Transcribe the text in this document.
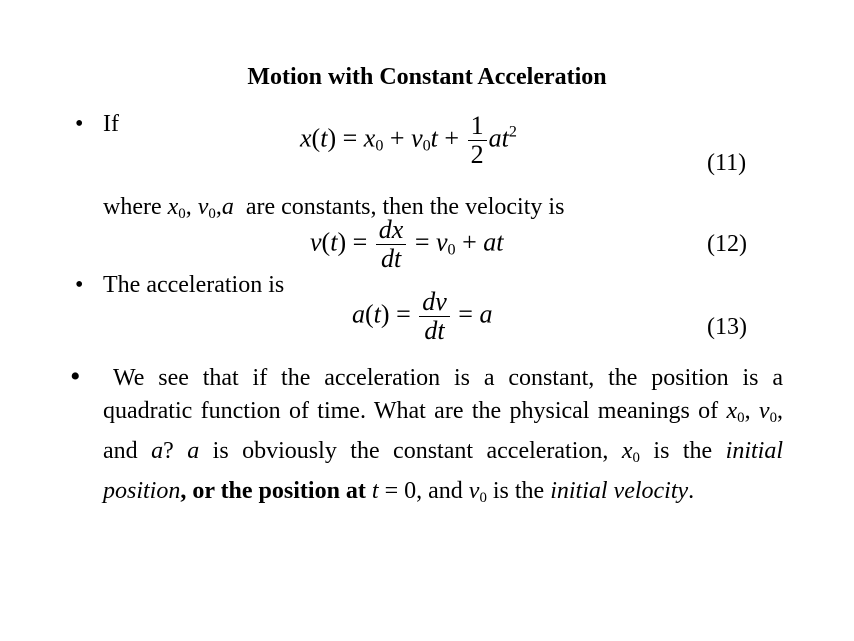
Motion with Constant Acceleration
• If	$x(t) = x_0 + v_0t + \frac{1}{2} at^2$
(11)
where $x_0$, $v_0,a$  are constants, then the velocity is
$v(t) = \frac{dx}{dt} = v_0$ + at	(12)
• The acceleration is
$a(t) = \frac{dv}{dt} = a$	(13)
•	We see that if the acceleration is a constant, the position is a quadratic function of time. What are the physical meanings of $x_0$, $v_0$, and a? a is obviously the constant acceleration, $x_0$ is the initial position, or the position at t = 0, and $v_0$ is the initial velocity.
